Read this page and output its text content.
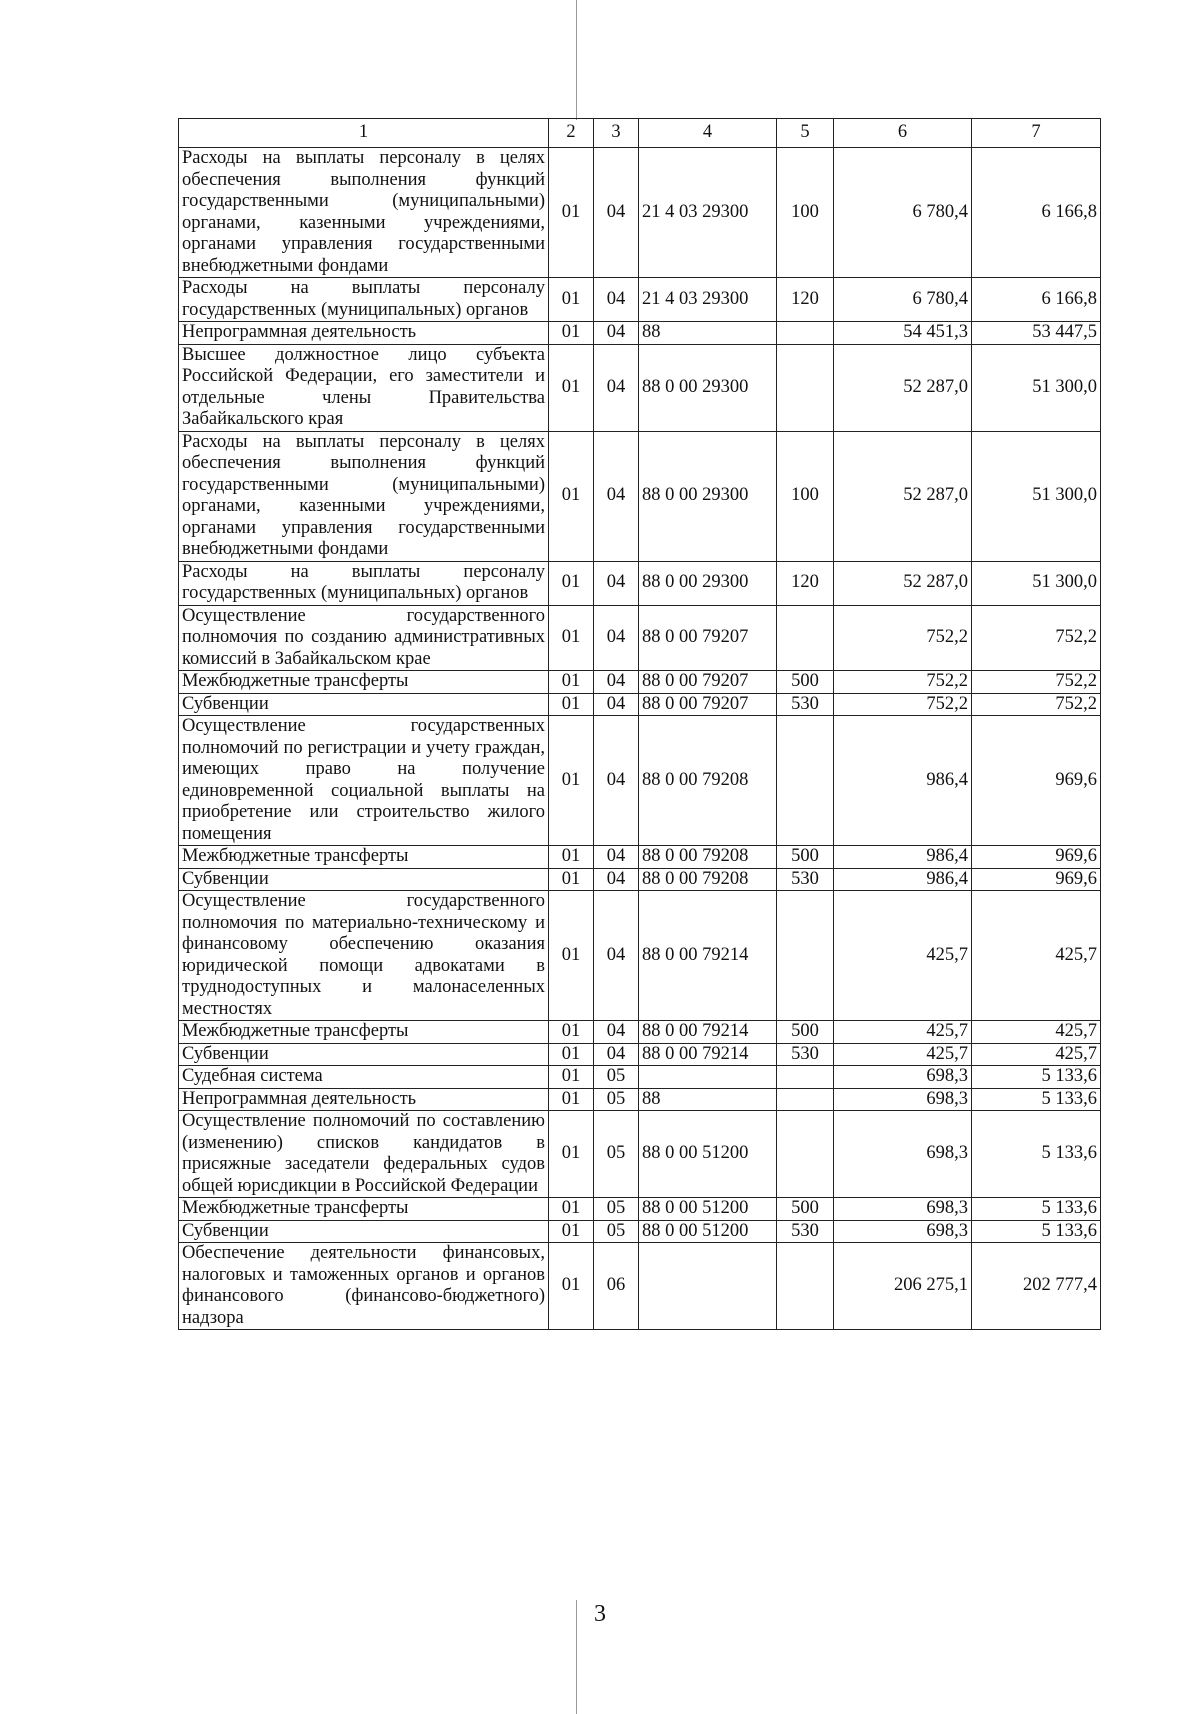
1	2	3	4	5	6	7
Расходы на выплаты персоналу в целях обеспечения выполнения функций государственными (муниципальными) органами, казенными учреждениями, органами управления государственными внебюджетными фондами	01	04	21 4 03 29300	100	6 780,4	6 166,8
Расходы на выплаты персоналу государственных (муниципальных) органов	01	04	21 4 03 29300	120	6 780,4	6 166,8
Непрограммная деятельность	01	04	88		54 451,3	53 447,5
Высшее должностное лицо субъекта Российской Федерации, его заместители и отдельные члены Правительства Забайкальского края	01	04	88 0 00 29300		52 287,0	51 300,0
Расходы на выплаты персоналу в целях обеспечения выполнения функций государственными (муниципальными) органами, казенными учреждениями, органами управления государственными внебюджетными фондами	01	04	88 0 00 29300	100	52 287,0	51 300,0
Расходы на выплаты персоналу государственных (муниципальных) органов	01	04	88 0 00 29300	120	52 287,0	51 300,0
Осуществление государственного полномочия по созданию административных комиссий в Забайкальском крае	01	04	88 0 00 79207		752,2	752,2
Межбюджетные трансферты	01	04	88 0 00 79207	500	752,2	752,2
Субвенции	01	04	88 0 00 79207	530	752,2	752,2
Осуществление государственных полномочий по регистрации и учету граждан, имеющих право на получение единовременной социальной выплаты на приобретение или строительство жилого помещения	01	04	88 0 00 79208		986,4	969,6
Межбюджетные трансферты	01	04	88 0 00 79208	500	986,4	969,6
Субвенции	01	04	88 0 00 79208	530	986,4	969,6
Осуществление государственного полномочия по материально-техническому и финансовому обеспечению оказания юридической помощи адвокатами в труднодоступных и малонаселенных местностях	01	04	88 0 00 79214		425,7	425,7
Межбюджетные трансферты	01	04	88 0 00 79214	500	425,7	425,7
Субвенции	01	04	88 0 00 79214	530	425,7	425,7
Судебная система	01	05			698,3	5 133,6
Непрограммная деятельность	01	05	88		698,3	5 133,6
Осуществление полномочий по составлению (изменению) списков кандидатов в присяжные заседатели федеральных судов общей юрисдикции в Российской Федерации	01	05	88 0 00 51200		698,3	5 133,6
Межбюджетные трансферты	01	05	88 0 00 51200	500	698,3	5 133,6
Субвенции	01	05	88 0 00 51200	530	698,3	5 133,6
Обеспечение деятельности финансовых, налоговых и таможенных органов и органов финансового (финансово-бюджетного) надзора	01	06			206 275,1	202 777,4
3
